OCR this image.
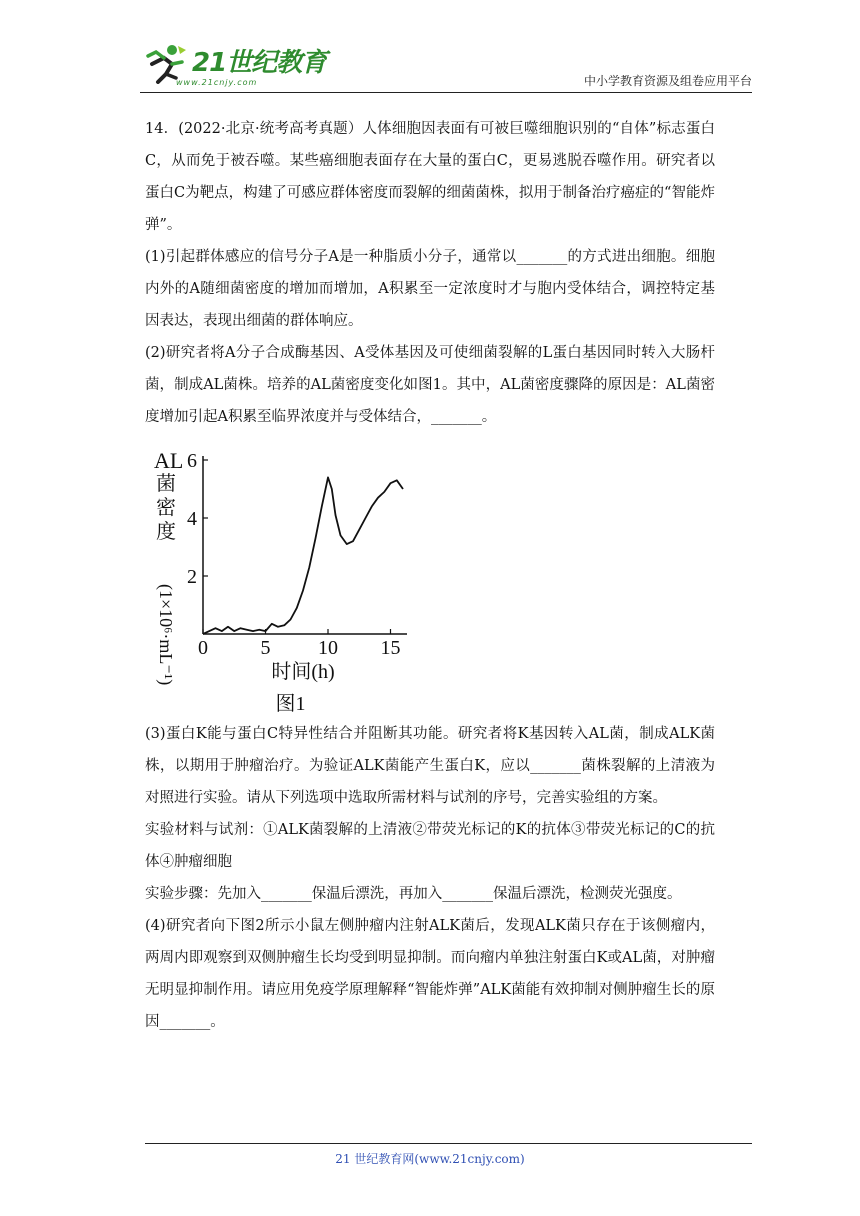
21世纪教育
www.21cnjy.com	中小学教育资源及组卷应用平台

14．(2022·北京·统考高考真题）人体细胞因表面有可被巨噬细胞识别的“自体”标志蛋白C，从而免于被吞噬。某些癌细胞表面存在大量的蛋白C，更易逃脱吞噬作用。研究者以蛋白C为靶点，构建了可感应群体密度而裂解的细菌菌株，拟用于制备治疗癌症的“智能炸弹”。

(1)引起群体感应的信号分子A是一种脂质小分子，通常以_______的方式进出细胞。细胞内外的A随细菌密度的增加而增加，A积累至一定浓度时才与胞内受体结合，调控特定基因表达，表现出细菌的群体响应。

(2)研究者将A分子合成酶基因、A受体基因及可使细菌裂解的L蛋白基因同时转入大肠杆菌，制成AL菌株。培养的AL菌密度变化如图1。其中，AL菌密度骤降的原因是：AL菌密度增加引起A积累至临界浓度并与受体结合，_______。

2
4
6
0	5 10 15
时间(h)
AL
菌
密
度
(1×10⁶·mL⁻¹)
图1

(3)蛋白K能与蛋白C特异性结合并阻断其功能。研究者将K基因转入AL菌，制成ALK菌株，以期用于肿瘤治疗。为验证ALK菌能产生蛋白K，应以_______菌株裂解的上清液为对照进行实验。请从下列选项中选取所需材料与试剂的序号，完善实验组的方案。

实验材料与试剂：①ALK菌裂解的上清液②带荧光标记的K的抗体③带荧光标记的C的抗体④肿瘤细胞

实验步骤：先加入_______保温后漂洗，再加入_______保温后漂洗，检测荧光强度。

(4)研究者向下图2所示小鼠左侧肿瘤内注射ALK菌后，发现ALK菌只存在于该侧瘤内，两周内即观察到双侧肿瘤生长均受到明显抑制。而向瘤内单独注射蛋白K或AL菌，对肿瘤无明显抑制作用。请应用免疫学原理解释“智能炸弹”ALK菌能有效抑制对侧肿瘤生长的原因_______。

21 世纪教育网(www.21cnjy.com)
